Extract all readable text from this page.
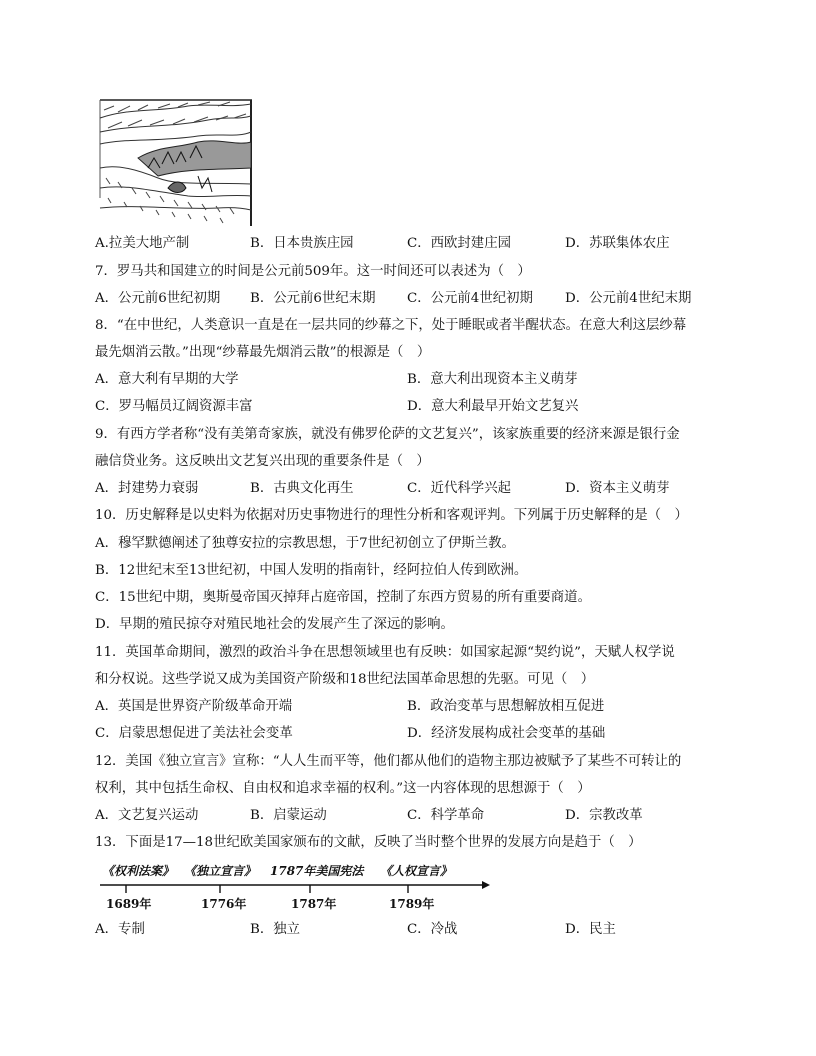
A.拉美大地产制	B．日本贵族庄园	C．西欧封建庄园	D．苏联集体农庄
7．罗马共和国建立的时间是公元前509年。这一时间还可以表述为（　）
A．公元前6世纪初期 B．公元前6世纪末期 C．公元前4世纪初期 D．公元前4世纪末期
8．“在中世纪，人类意识一直是在一层共同的纱幕之下，处于睡眠或者半醒状态。在意大利这层纱幕
最先烟消云散。”出现“纱幕最先烟消云散”的根源是（　）
A．意大利有早期的大学	B．意大利出现资本主义萌芽
C．罗马幅员辽阔资源丰富	D．意大利最早开始文艺复兴
9．有西方学者称“没有美第奇家族，就没有佛罗伦萨的文艺复兴”，该家族重要的经济来源是银行金
融信贷业务。这反映出文艺复兴出现的重要条件是（　）
A．封建势力衰弱	B．古典文化再生	C．近代科学兴起	D．资本主义萌芽
10．历史解释是以史料为依据对历史事物进行的理性分析和客观评判。下列属于历史解释的是（　）
A．穆罕默德阐述了独尊安拉的宗教思想，于7世纪初创立了伊斯兰教。
B．12世纪末至13世纪初，中国人发明的指南针，经阿拉伯人传到欧洲。
C．15世纪中期，奥斯曼帝国灭掉拜占庭帝国，控制了东西方贸易的所有重要商道。
D．早期的殖民掠夺对殖民地社会的发展产生了深远的影响。
11．英国革命期间，激烈的政治斗争在思想领域里也有反映：如国家起源“契约说”，天赋人权学说
和分权说。这些学说又成为美国资产阶级和18世纪法国革命思想的先驱。可见（　）
A．英国是世界资产阶级革命开端	B．政治变革与思想解放相互促进
C．启蒙思想促进了美法社会变革	D．经济发展构成社会变革的基础
12．美国《独立宣言》宣称：“人人生而平等，他们都从他们的造物主那边被赋予了某些不可转让的
权利，其中包括生命权、自由权和追求幸福的权利。”这一内容体现的思想源于（　）
A．文艺复兴运动	B．启蒙运动	C．科学革命	D．宗教改革
13．下面是17—18世纪欧美国家颁布的文献，反映了当时整个世界的发展方向是趋于（　）
《权利法案》 《独立宣言》 1787年美国宪法 《人权宣言》
1689年	1776年	1787年	1789年
A．专制	B．独立	C．冷战	D．民主
